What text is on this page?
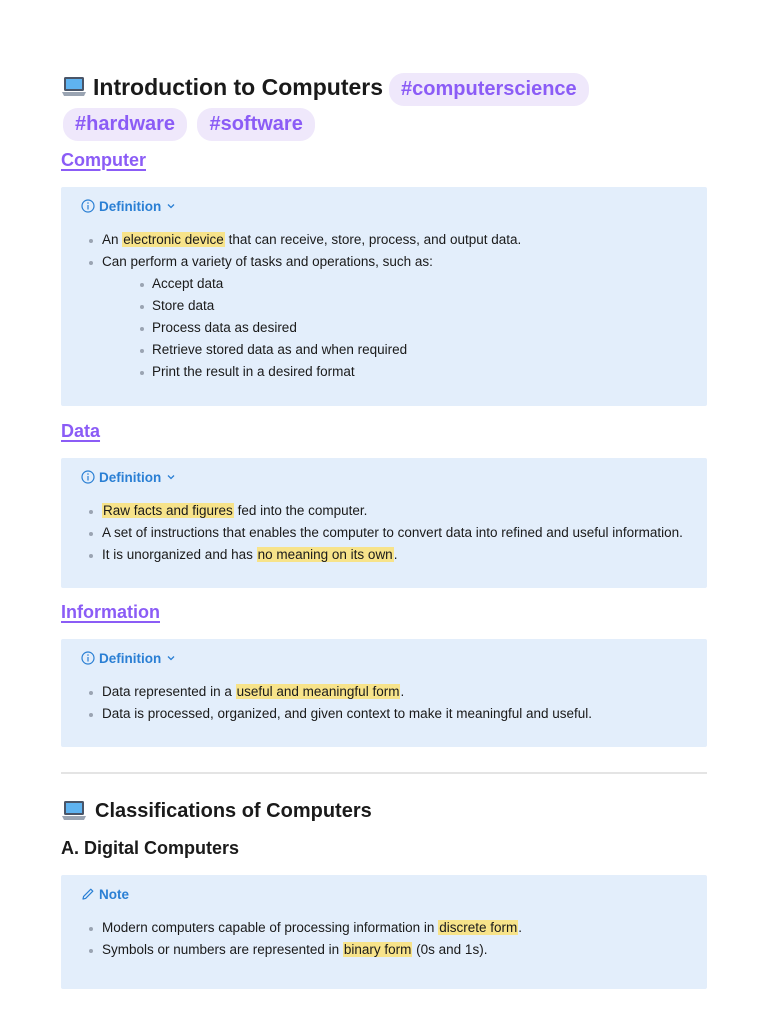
Introduction to Computers #computerscience
#hardware #software
Computer
Definition
An electronic device that can receive, store, process, and output data.
Can perform a variety of tasks and operations, such as:
Accept data
Store data
Process data as desired
Retrieve stored data as and when required
Print the result in a desired format
Data
Definition
Raw facts and figures fed into the computer.
A set of instructions that enables the computer to convert data into refined and useful information.
It is unorganized and has no meaning on its own.
Information
Definition
Data represented in a useful and meaningful form.
Data is processed, organized, and given context to make it meaningful and useful.
Classifications of Computers
A. Digital Computers
Note
Modern computers capable of processing information in discrete form.
Symbols or numbers are represented in binary form (0s and 1s).
